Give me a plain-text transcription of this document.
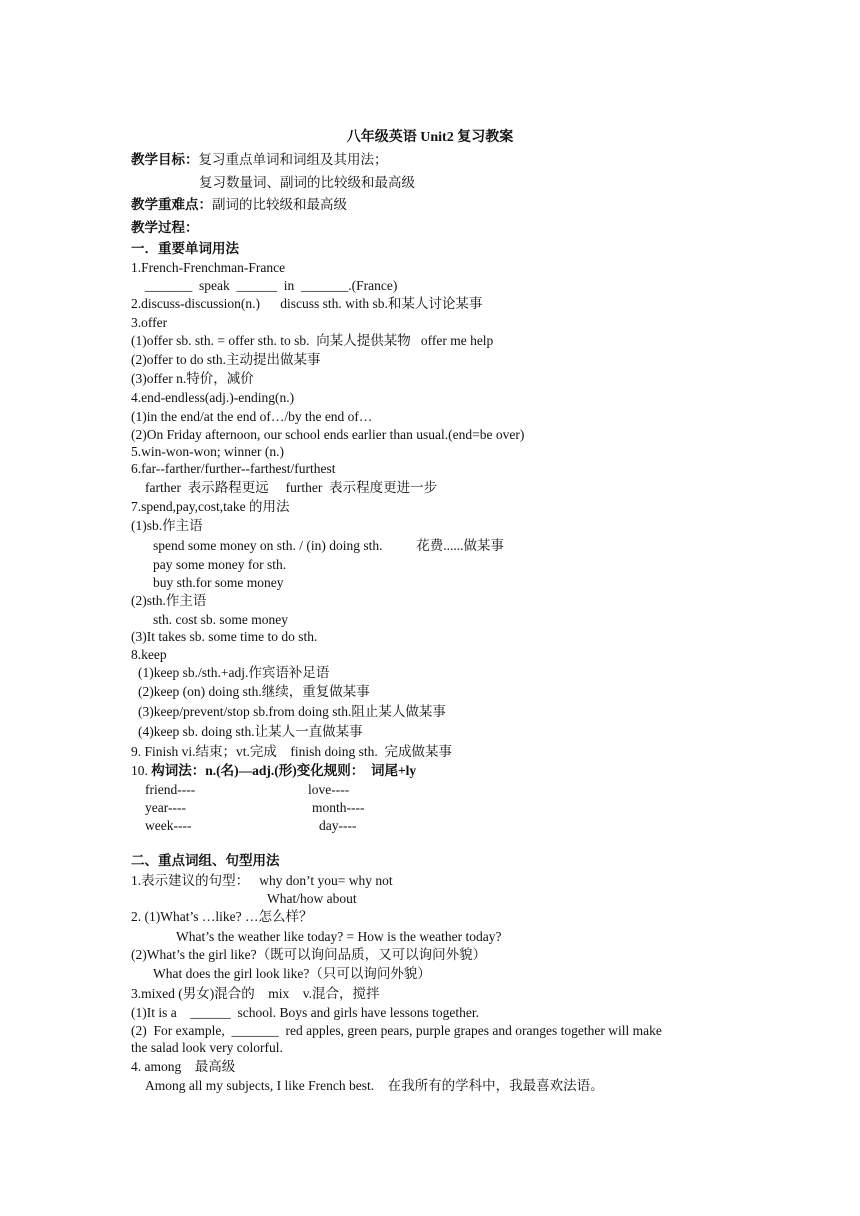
八年级英语 Unit2 复习教案
教学目标：复习重点单词和词组及其用法；
复习数量词、副词的比较级和最高级
教学重难点：副词的比较级和最高级
教学过程：
一．重要单词用法
1.French-Frenchman-France
_______  speak  ______  in  _______.(France)
2.discuss-discussion(n.)      discuss sth. with sb.和某人讨论某事
3.offer
(1)offer sb. sth. = offer sth. to sb.  向某人提供某物   offer me help
(2)offer to do sth.主动提出做某事
(3)offer n.特价，减价
4.end-endless(adj.)-ending(n.)
(1)in the end/at the end of…/by the end of…
(2)On Friday afternoon, our school ends earlier than usual.(end=be over)
5.win-won-won; winner (n.)
6.far--farther/further--farthest/furthest
farther  表示路程更远     further  表示程度更进一步
7.spend,pay,cost,take 的用法
(1)sb.作主语
spend some money on sth. / (in) doing sth.          花费......做某事
pay some money for sth.
buy sth.for some money
(2)sth.作主语
sth. cost sb. some money
(3)It takes sb. some time to do sth.
8.keep
(1)keep sb./sth.+adj.作宾语补足语
(2)keep (on) doing sth.继续，重复做某事
(3)keep/prevent/stop sb.from doing sth.阻止某人做某事
(4)keep sb. doing sth.让某人一直做某事
9. Finish vi.结束；vt.完成    finish doing sth.  完成做某事
10. 构词法：n.(名)—adj.(形)变化规则：  词尾+ly
friend----	love----
year----	month----
week----	day----
二、重点词组、句型用法
1.表示建议的句型：   why don’t you= why not
What/how about
2. (1)What’s …like? …怎么样？
What’s the weather like today? = How is the weather today?
(2)What’s the girl like?（既可以询问品质，又可以询问外貌）
What does the girl look like?（只可以询问外貌）
3.mixed (男女)混合的    mix    v.混合，搅拌
(1)It is a    ______  school. Boys and girls have lessons together.
(2)  For example,  _______  red apples, green pears, purple grapes and oranges together will make
the salad look very colorful.
4. among    最高级
Among all my subjects, I like French best.    在我所有的学科中，我最喜欢法语。
